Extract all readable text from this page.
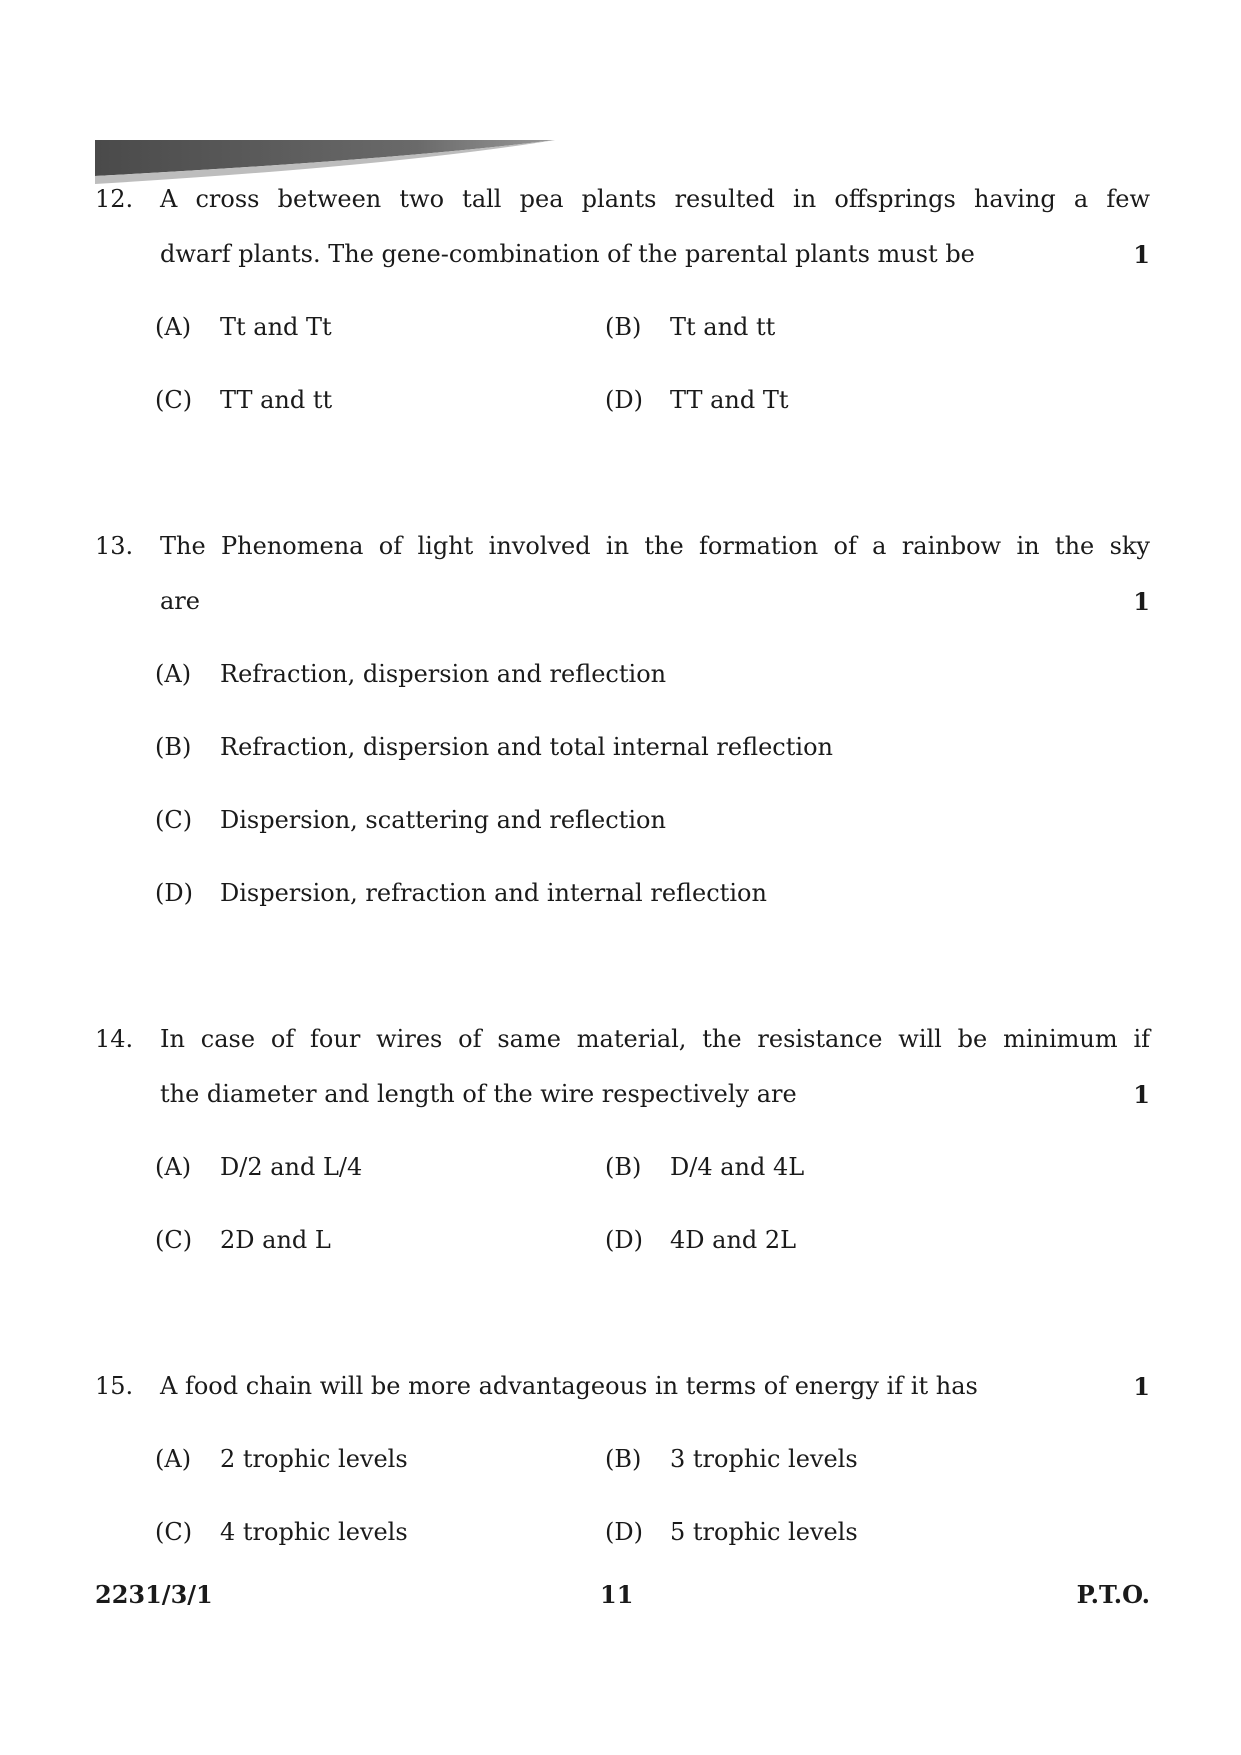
12. A cross between two tall pea plants resulted in offsprings having a few
dwarf plants. The gene-combination of the parental plants must be	1
(A) Tt and Tt	(B) Tt and tt
(C) TT and tt	(D) TT and Tt
13. The Phenomena of light involved in the formation of a rainbow in the sky
are	1
(A) Refraction, dispersion and reflection
(B) Refraction, dispersion and total internal reflection
(C) Dispersion, scattering and reflection
(D) Dispersion, refraction and internal reflection
14. In case of four wires of same material, the resistance will be minimum if
the diameter and length of the wire respectively are	1
(A) D/2 and L/4	(B) D/4 and 4L
(C) 2D and L	(D) 4D and 2L
15. A food chain will be more advantageous in terms of energy if it has	1
(A) 2 trophic levels	(B) 3 trophic levels
(C) 4 trophic levels	(D) 5 trophic levels
2231/3/1	11	P.T.O.
